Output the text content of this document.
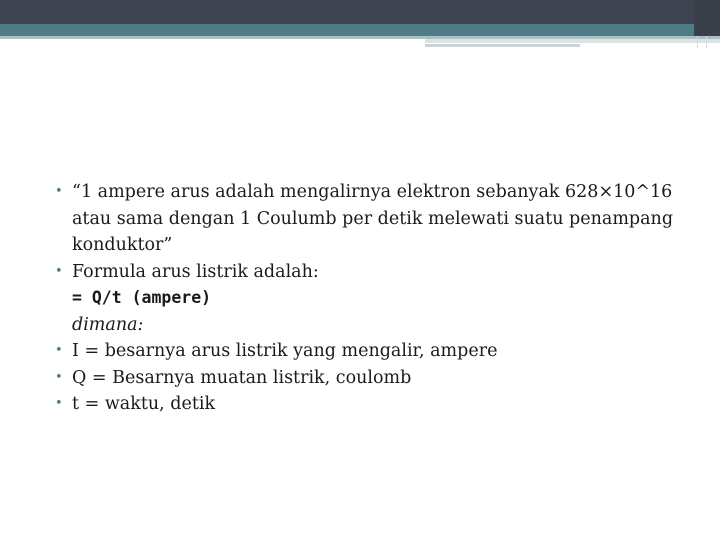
• “1 ampere arus adalah mengalirnya elektron sebanyak 628×10^16 atau sama dengan 1 Coulumb per detik melewati suatu penampang konduktor”
• Formula arus listrik adalah:
= Q/t (ampere)
dimana:
• I = besarnya arus listrik yang mengalir, ampere
• Q = Besarnya muatan listrik, coulomb
• t = waktu, detik
